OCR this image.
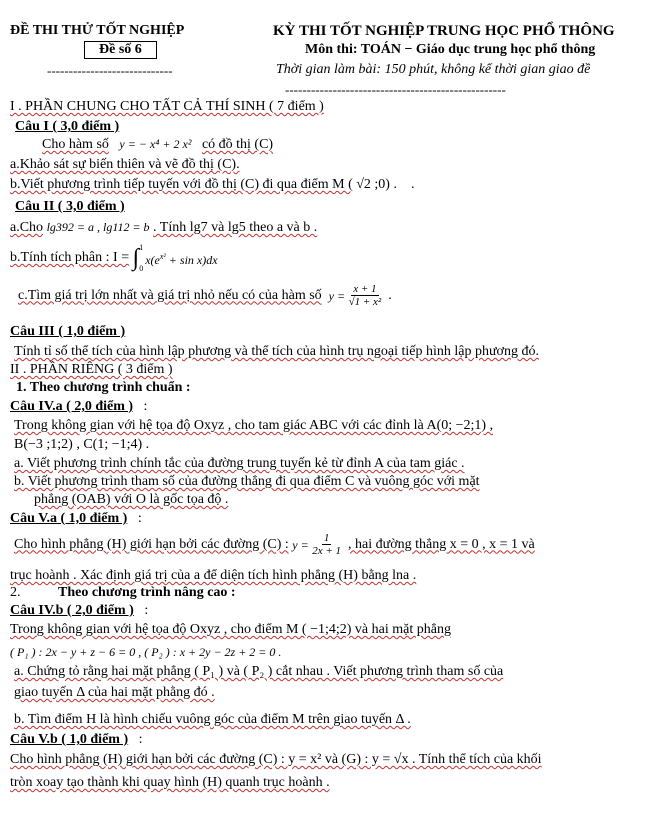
ĐỀ THI THỬ TỐT NGHIỆP
Đề số 6
-----------------------------
KỲ THI TỐT NGHIỆP TRUNG HỌC PHỔ THÔNG
Môn thi: TOÁN − Giáo dục trung học phổ thông
Thời gian làm bài: 150 phút, không kể thời gian giao đề
---------------------------------------------------
I . PHẦN CHUNG CHO TẤT CẢ THÍ SINH ( 7 điểm )
Câu I ( 3,0 điểm )
Cho hàm số y = − x⁴ + 2 x² có đồ thị (C)
a.Khảo sát sự biến thiên và vẽ đồ thị (C).
b.Viết phương trình tiếp tuyến với đồ thị (C) đi qua điểm M ( √2 ;0) . .
Câu II ( 3,0 điểm )
a.Cho lg392 = a , lg112 = b . Tính lg7 và lg5 theo a và b .
b.Tính tích phân : I =
∫ 1
0
$x(e^{x^2} + \sin x)dx$
c.Tìm giá trị lớn nhất và giá trị nhỏ nếu có của hàm số
y =
$\frac{x + 1}{\text{√1 + x²}}$
.
Câu III ( 1,0 điểm )
Tính tỉ số thể tích của hình lập phương và thể tích của hình trụ ngoại tiếp hình lập phương đó.
II . PHẦN RIÊNG ( 3 điểm )
1. Theo chương trình chuẩn :
Câu IV.a ( 2,0 điểm ) :
Trong không gian với hệ tọa độ Oxyz , cho tam giác ABC với các đỉnh là A(0; −2;1) ,
B(−3 ;1;2) , C(1; −1;4) .
a. Viết phương trình chính tắc của đường trung tuyến kẻ từ đỉnh A của tam giác .
b. Viết phương trình tham số của đường thẳng đi qua điểm C và vuông góc với mặt
phẳng (OAB) với O là gốc tọa độ .
Câu V.a ( 1,0 điểm ) :
Cho hình phẳng (H) giới hạn bởi các đường (C) :
y =
$\frac{1}{2x + 1}$
, hai đường thẳng x = 0 , x = 1 và
trục hoành . Xác định giá trị của a để diện tích hình phẳng (H) bằng lna .
2.	Theo chương trình nâng cao :
Câu IV.b ( 2,0 điểm ) :
Trong không gian với hệ tọa độ Oxyz , cho điểm M ( −1;4;2) và hai mặt phẳng
( P₁ ) : 2x − y + z − 6 = 0 , ( P₂ ) : x + 2y − 2z + 2 = 0 .
a. Chứng tỏ rằng hai mặt phẳng ( P₁ ) và ( P₂ ) cắt nhau . Viết phương trình tham số của
giao tuyến Δ của hai mặt phằng đó .
b. Tìm điểm H là hình chiếu vuông góc của điểm M trên giao tuyến Δ .
Câu V.b ( 1,0 điểm ) :
Cho hình phẳng (H) giới hạn bởi các đường (C) : y = x² và (G) : y = √x . Tính thể tích của khối
tròn xoay tạo thành khi quay hình (H) quanh trục hoành .
